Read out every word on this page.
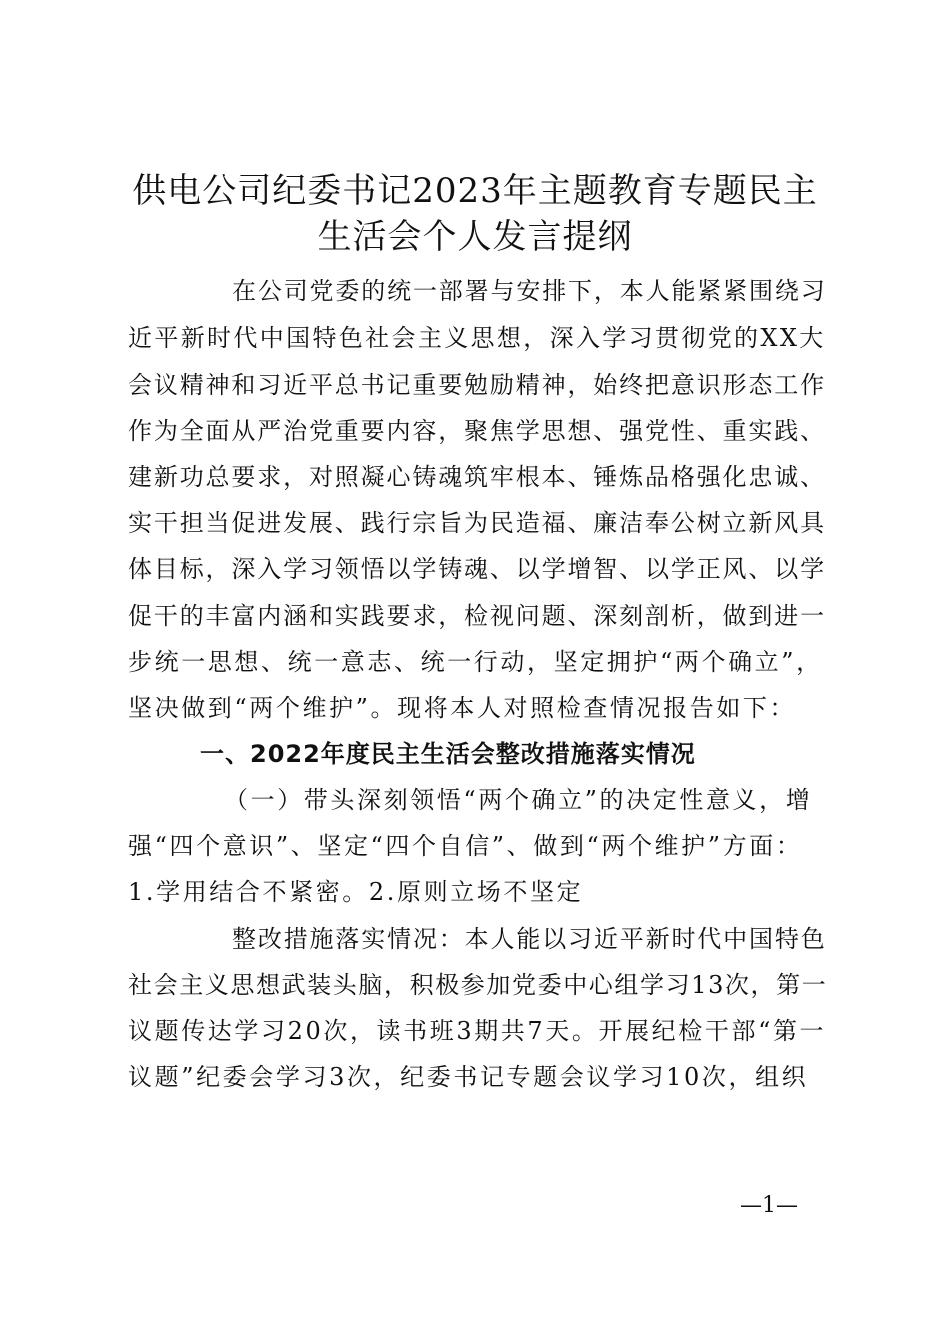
供电公司纪委书记2023年主题教育专题民主
生活会个人发言提纲
在公司党委的统一部署与安排下，本人能紧紧围绕习
近平新时代中国特色社会主义思想，深入学习贯彻党的XX大
会议精神和习近平总书记重要勉励精神，始终把意识形态工作
作为全面从严治党重要内容，聚焦学思想、强党性、重实践、
建新功总要求，对照凝心铸魂筑牢根本、锤炼品格强化忠诚、
实干担当促进发展、践行宗旨为民造福、廉洁奉公树立新风具
体目标，深入学习领悟以学铸魂、以学增智、以学正风、以学
促干的丰富内涵和实践要求，检视问题、深刻剖析，做到进一
步统一思想、统一意志、统一行动，坚定拥护“两个确立”，
坚决做到“两个维护”。现将本人对照检查情况报告如下：
一、2022年度民主生活会整改措施落实情况
（一）带头深刻领悟“两个确立”的决定性意义，增
强“四个意识”、坚定“四个自信”、做到“两个维护”方面：
1.学用结合不紧密。2.原则立场不坚定
整改措施落实情况：本人能以习近平新时代中国特色
社会主义思想武装头脑，积极参加党委中心组学习13次，第一
议题传达学习20次，读书班3期共7天。开展纪检干部“第一
议题”纪委会学习3次，纪委书记专题会议学习10次，组织
—1—
